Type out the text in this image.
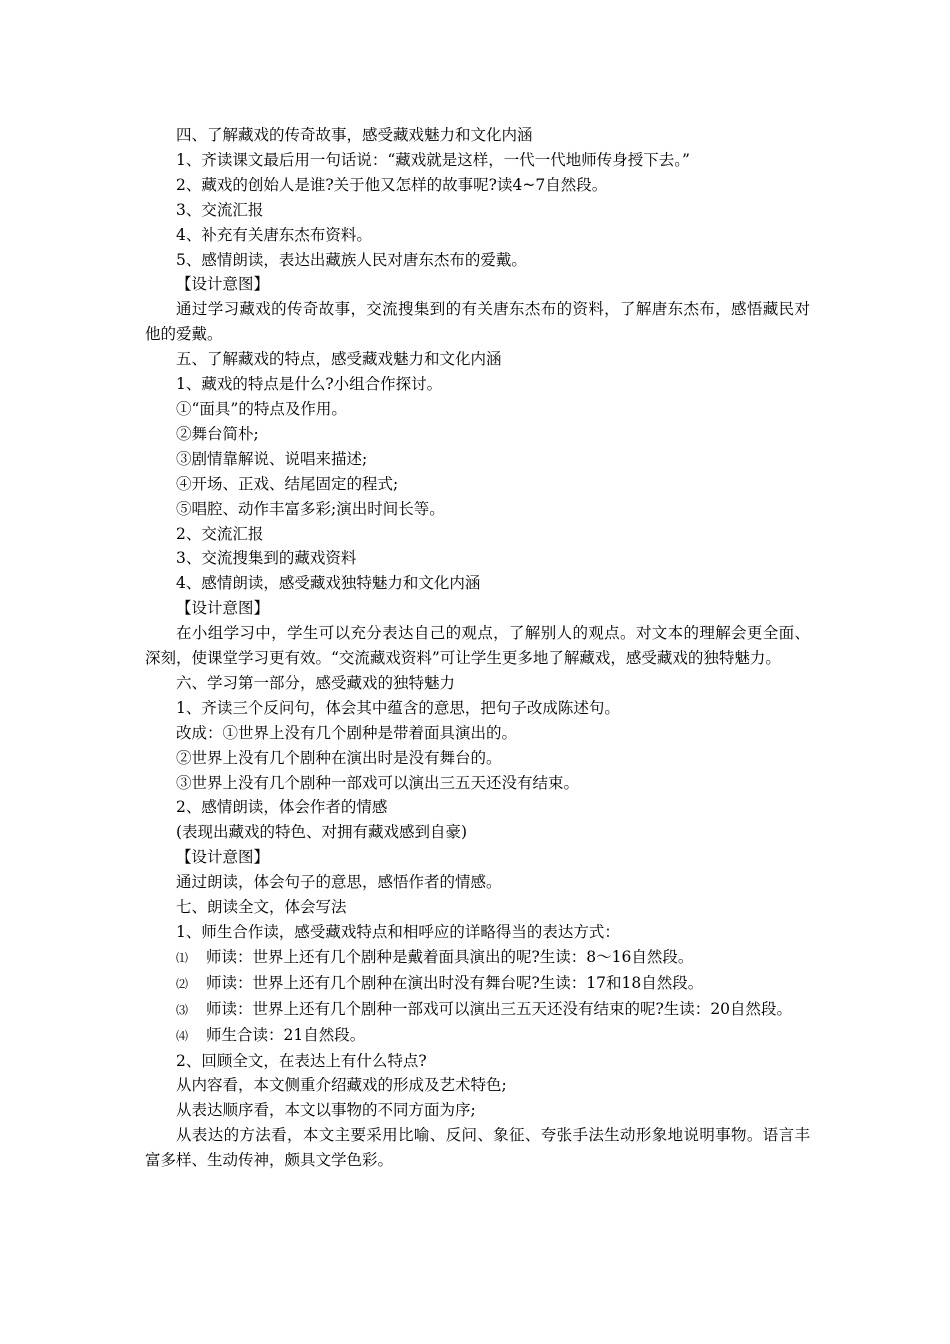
四、了解藏戏的传奇故事，感受藏戏魅力和文化内涵

1、齐读课文最后用一句话说：“藏戏就是这样，一代一代地师传身授下去。”

2、藏戏的创始人是谁?关于他又怎样的故事呢?读4~7自然段。

3、交流汇报

4、补充有关唐东杰布资料。

5、感情朗读，表达出藏族人民对唐东杰布的爱戴。

【设计意图】

通过学习藏戏的传奇故事，交流搜集到的有关唐东杰布的资料，了解唐东杰布，感悟藏民对他的爱戴。

五、了解藏戏的特点，感受藏戏魅力和文化内涵

1、藏戏的特点是什么?小组合作探讨。

①“面具”的特点及作用。

②舞台简朴;

③剧情靠解说、说唱来描述;

④开场、正戏、结尾固定的程式;

⑤唱腔、动作丰富多彩;演出时间长等。

2、交流汇报

3、交流搜集到的藏戏资料

4、感情朗读，感受藏戏独特魅力和文化内涵

【设计意图】

在小组学习中，学生可以充分表达自己的观点，了解别人的观点。对文本的理解会更全面、深刻，使课堂学习更有效。“交流藏戏资料”可让学生更多地了解藏戏，感受藏戏的独特魅力。

六、学习第一部分，感受藏戏的独特魅力

1、齐读三个反问句，体会其中蕴含的意思，把句子改成陈述句。

改成：①世界上没有几个剧种是带着面具演出的。

②世界上没有几个剧种在演出时是没有舞台的。

③世界上没有几个剧种一部戏可以演出三五天还没有结束。

2、感情朗读，体会作者的情感

(表现出藏戏的特色、对拥有藏戏感到自豪)

【设计意图】

通过朗读，体会句子的意思，感悟作者的情感。

七、朗读全文，体会写法

1、师生合作读，感受藏戏特点和相呼应的详略得当的表达方式：

⑴ 师读：世界上还有几个剧种是戴着面具演出的呢?生读：8～16自然段。

⑵ 师读：世界上还有几个剧种在演出时没有舞台呢?生读：17和18自然段。

⑶ 师读：世界上还有几个剧种一部戏可以演出三五天还没有结束的呢?生读：20自然段。

⑷ 师生合读：21自然段。

2、回顾全文，在表达上有什么特点?

从内容看，本文侧重介绍藏戏的形成及艺术特色;

从表达顺序看，本文以事物的不同方面为序;

从表达的方法看，本文主要采用比喻、反问、象征、夸张手法生动形象地说明事物。语言丰富多样、生动传神，颇具文学色彩。
